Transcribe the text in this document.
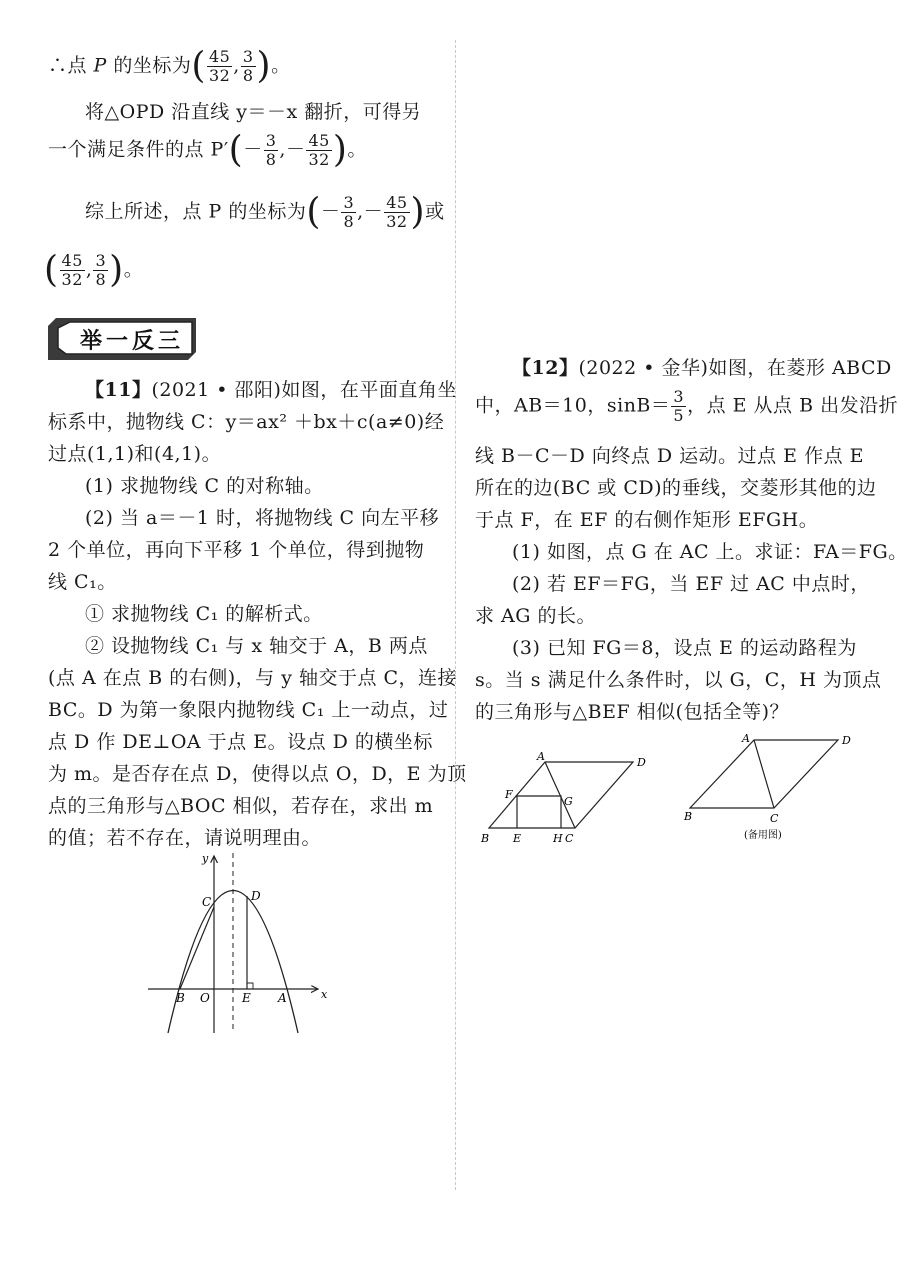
∴点 P 的坐标为( $\frac{45}{32}$ , $\frac{3}{8}$ )。
将△OPD 沿直线 y＝－x 翻折，可得另
一个满足条件的点 $P'(- \frac{3}{8}$ ,－ $\frac{45}{32}$ )。
综上所述，点 P 的坐标为(－ $\frac{3}{8}$ ,－ $\frac{45}{32}$ )或
( $\frac{45}{32}$ , $\frac{3}{8}$ )。
举一反三
【11】(2021 • 邵阳)如图，在平面直角坐
标系中，抛物线 C：y＝ax² ＋bx＋c(a≠0)经
过点(1,1)和(4,1)。
(1) 求抛物线 C 的对称轴。
(2) 当 a＝－1 时，将抛物线 C 向左平移
2 个单位，再向下平移 1 个单位，得到抛物
线 C₁。
① 求抛物线 C₁ 的解析式。
② 设抛物线 C₁ 与 x 轴交于 A，B 两点
(点 A 在点 B 的右侧)，与 y 轴交于点 C，连接
BC。D 为第一象限内抛物线 C₁ 上一动点，过
点 D 作 DE⊥OA 于点 E。设点 D 的横坐标
为 m。是否存在点 D，使得以点 O，D，E 为顶
点的三角形与△BOC 相似，若存在，求出 m
的值；若不存在，请说明理由。
y
x
C	D
B O	E A
【12】(2022 • 金华)如图，在菱形 ABCD
中，AB＝10，$\sin B= \frac{3}{5}$ ，点 E 从点 B 出发沿折
线 B－C－D 向终点 D 运动。过点 E 作点 E
所在的边(BC 或 CD)的垂线，交菱形其他的边
于点 F，在 EF 的右侧作矩形 EFGH。
(1) 如图，点 G 在 AC 上。求证：FA＝FG。
(2) 若 EF＝FG，当 EF 过 AC 中点时，
求 AG 的长。
(3) 已知 FG＝8，设点 E 的运动路程为
s。当 s 满足什么条件时，以 G，C，H 为顶点
的三角形与△BEF 相似(包括全等)？
A	D
F
G
B E	H C
A	D
B	C
(备用图)
